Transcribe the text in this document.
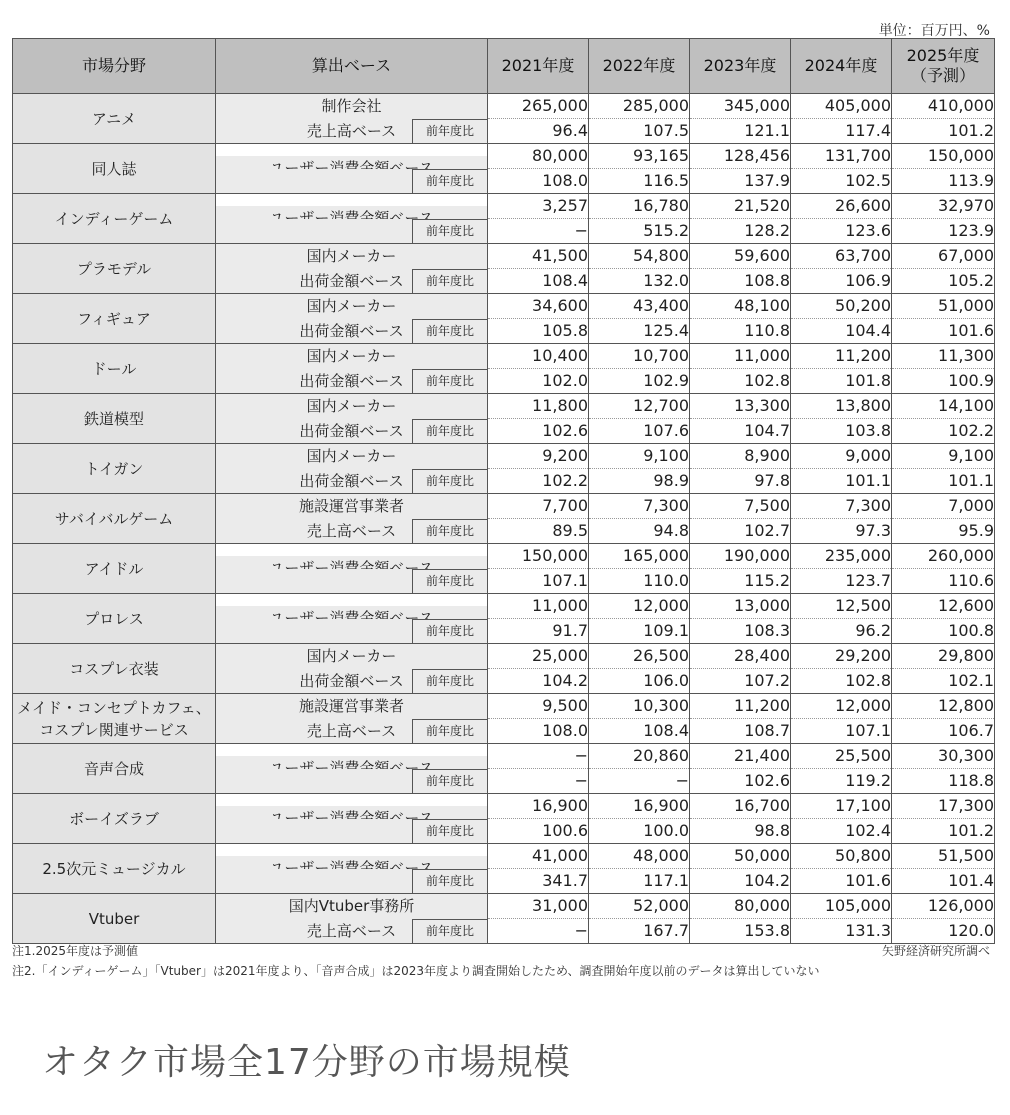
単位：百万円、%
市場分野	算出ベース	2021年度	2022年度	2023年度	2024年度	2025年度
（予測）
アニメ	制作会社	265,000	285,000	345,000	405,000	410,000
	売上高ベース 前年度比	96.4	107.5	121.1	117.4	101.2
同人誌		80,000	93,165	128,456	131,700	150,000

	前年度比	108.0	116.5	137.9	102.5	113.9
インディーゲーム		3,257	16,780	21,520	26,600	32,970

	前年度比	−	515.2	128.2	123.6	123.9
プラモデル	国内メーカー	41,500	54,800	59,600	63,700	67,000
	出荷金額ベース 前年度比	108.4	132.0	108.8	106.9	105.2
フィギュア	国内メーカー	34,600	43,400	48,100	50,200	51,000
	出荷金額ベース 前年度比	105.8	125.4	110.8	104.4	101.6
ドール	国内メーカー	10,400	10,700	11,000	11,200	11,300
	出荷金額ベース 前年度比	102.0	102.9	102.8	101.8	100.9
鉄道模型	国内メーカー	11,800	12,700	13,300	13,800	14,100
	出荷金額ベース 前年度比	102.6	107.6	104.7	103.8	102.2
トイガン	国内メーカー	9,200	9,100	8,900	9,000	9,100
	出荷金額ベース 前年度比	102.2	98.9	97.8	101.1	101.1
サバイバルゲーム	施設運営事業者	7,700	7,300	7,500	7,300	7,000
	売上高ベース 前年度比	89.5	94.8	102.7	97.3	95.9
アイドル		150,000	165,000	190,000	235,000	260,000

	前年度比	107.1	110.0	115.2	123.7	110.6
プロレス		11,000	12,000	13,000	12,500	12,600

	前年度比	91.7	109.1	108.3	96.2	100.8
コスプレ衣装	国内メーカー	25,000	26,500	28,400	29,200	29,800
	出荷金額ベース 前年度比	104.2	106.0	107.2	102.8	102.1
メイド・コンセプトカフェ、
コスプレ関連サービス	施設運営事業者	9,500	10,300	11,200	12,000	12,800
	売上高ベース 前年度比	108.0	108.4	108.7	107.1	106.7
音声合成		−	20,860	21,400	25,500	30,300

	前年度比	−	−	102.6	119.2	118.8
ボーイズラブ		16,900	16,900	16,700	17,100	17,300

	前年度比	100.6	100.0	98.8	102.4	101.2
2.5次元ミュージカル		41,000	48,000	50,000	50,800	51,500

	前年度比	341.7	117.1	104.2	101.6	101.4
Vtuber	国内Vtuber事務所	31,000	52,000	80,000	105,000	126,000
	売上高ベース 前年度比	−	167.7	153.8	131.3	120.0
注1.2025年度は予測値	矢野経済研究所調べ
注2.「インディーゲーム」「Vtuber」は2021年度より、「音声合成」は2023年度より調査開始したため、調査開始年度以前のデータは算出していない
オタク市場全17分野の市場規模
